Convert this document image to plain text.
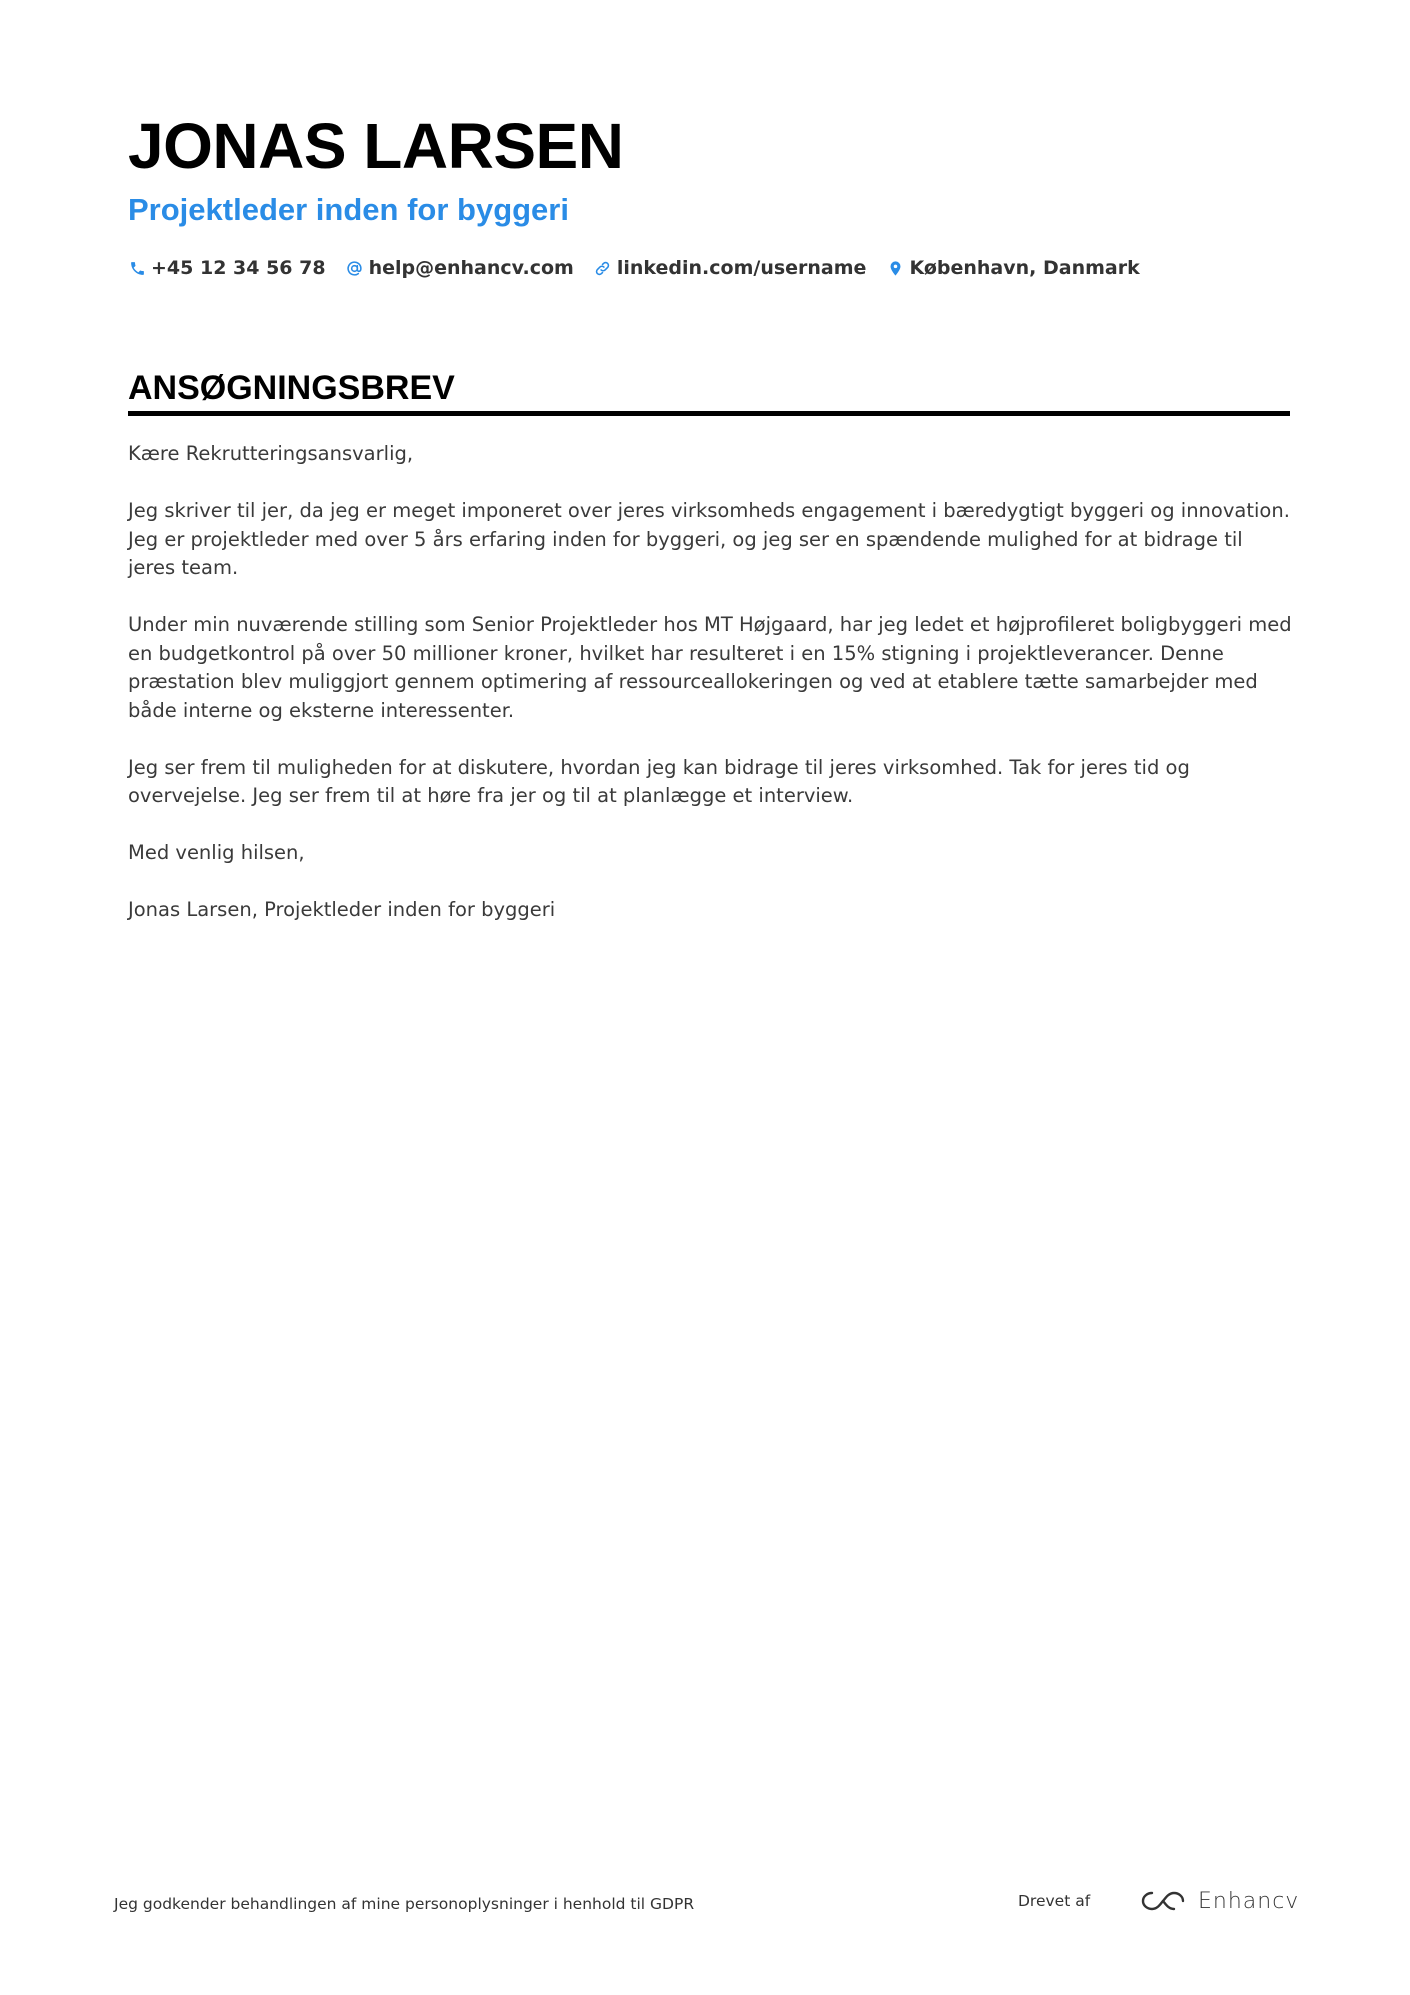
JONAS LARSEN
Projektleder inden for byggeri
+45 12 34 56 78 help@enhancv.com linkedin.com/username København, Danmark
ANSØGNINGSBREV

Kære Rekrutteringsansvarlig,

Jeg skriver til jer, da jeg er meget imponeret over jeres virksomheds engagement i bæredygtigt byggeri og innovation. Jeg er projektleder med over 5 års erfaring inden for byggeri, og jeg ser en spændende mulighed for at bidrage til jeres team.

Under min nuværende stilling som Senior Projektleder hos MT Højgaard, har jeg ledet et højprofileret boligbyggeri med en budgetkontrol på over 50 millioner kroner, hvilket har resulteret i en 15% stigning i projektleverancer. Denne præstation blev muliggjort gennem optimering af ressourceallokeringen og ved at etablere tætte samarbejder med både interne og eksterne interessenter.

Jeg ser frem til muligheden for at diskutere, hvordan jeg kan bidrage til jeres virksomhed. Tak for jeres tid og overvejelse. Jeg ser frem til at høre fra jer og til at planlægge et interview.

Med venlig hilsen,

Jonas Larsen, Projektleder inden for byggeri

Jeg godkender behandlingen af mine personoplysninger i henhold til GDPR	Drevet af	Enhancv
